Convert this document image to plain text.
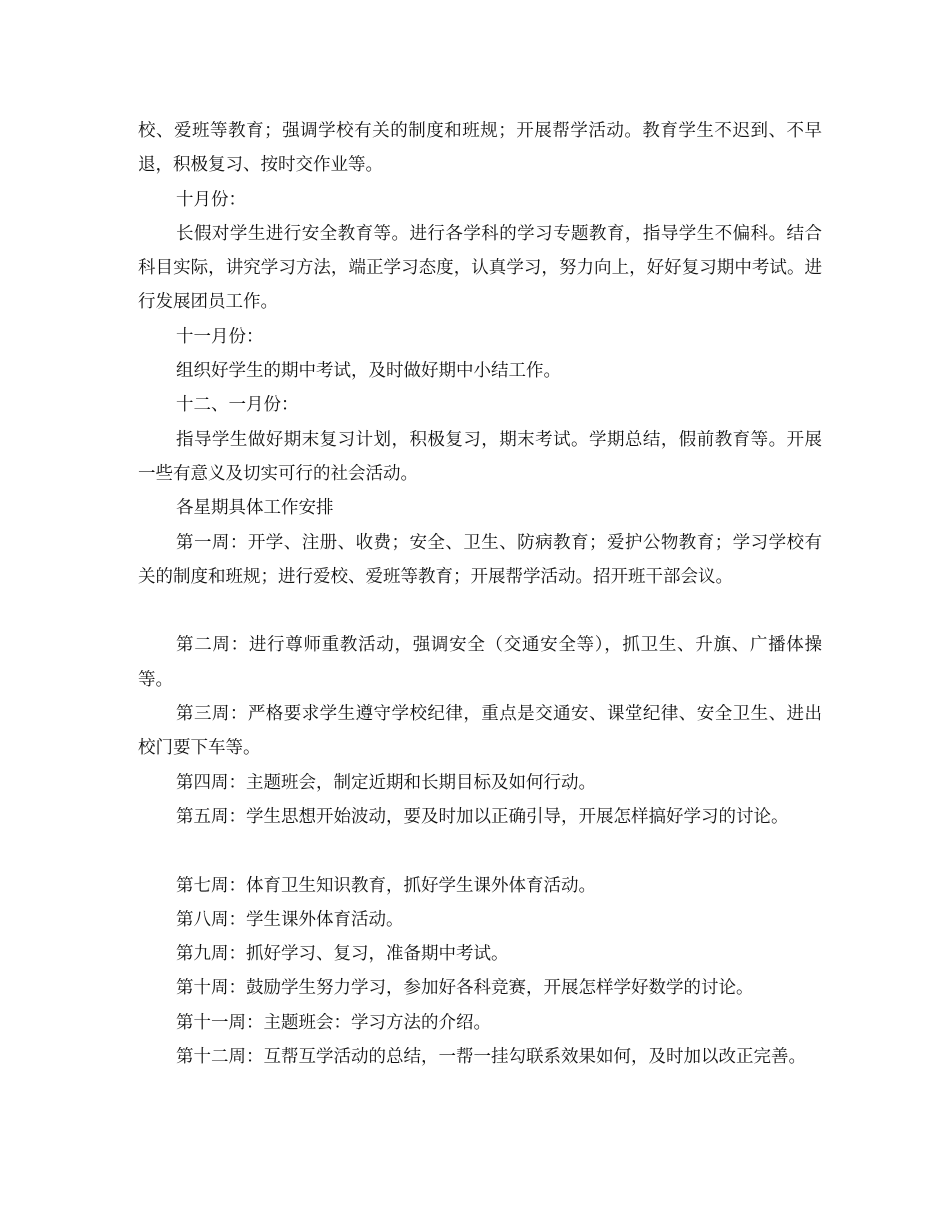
校、爱班等教育；强调学校有关的制度和班规；开展帮学活动。教育学生不迟到、不早退，积极复习、按时交作业等。

十月份：

长假对学生进行安全教育等。进行各学科的学习专题教育，指导学生不偏科。结合科目实际，讲究学习方法，端正学习态度，认真学习，努力向上，好好复习期中考试。进行发展团员工作。

十一月份：

组织好学生的期中考试，及时做好期中小结工作。

十二、一月份：

指导学生做好期末复习计划，积极复习，期末考试。学期总结，假前教育等。开展一些有意义及切实可行的社会活动。

各星期具体工作安排

第一周：开学、注册、收费；安全、卫生、防病教育；爱护公物教育；学习学校有关的制度和班规；进行爱校、爱班等教育；开展帮学活动。招开班干部会议。

第二周：进行尊师重教活动，强调安全（交通安全等），抓卫生、升旗、广播体操等。

第三周：严格要求学生遵守学校纪律，重点是交通安、课堂纪律、安全卫生、进出校门要下车等。

第四周：主题班会，制定近期和长期目标及如何行动。

第五周：学生思想开始波动，要及时加以正确引导，开展怎样搞好学习的讨论。

第七周：体育卫生知识教育，抓好学生课外体育活动。

第八周：学生课外体育活动。

第九周：抓好学习、复习，准备期中考试。

第十周：鼓励学生努力学习，参加好各科竞赛，开展怎样学好数学的讨论。

第十一周：主题班会：学习方法的介绍。

第十二周：互帮互学活动的总结，一帮一挂勾联系效果如何，及时加以改正完善。
